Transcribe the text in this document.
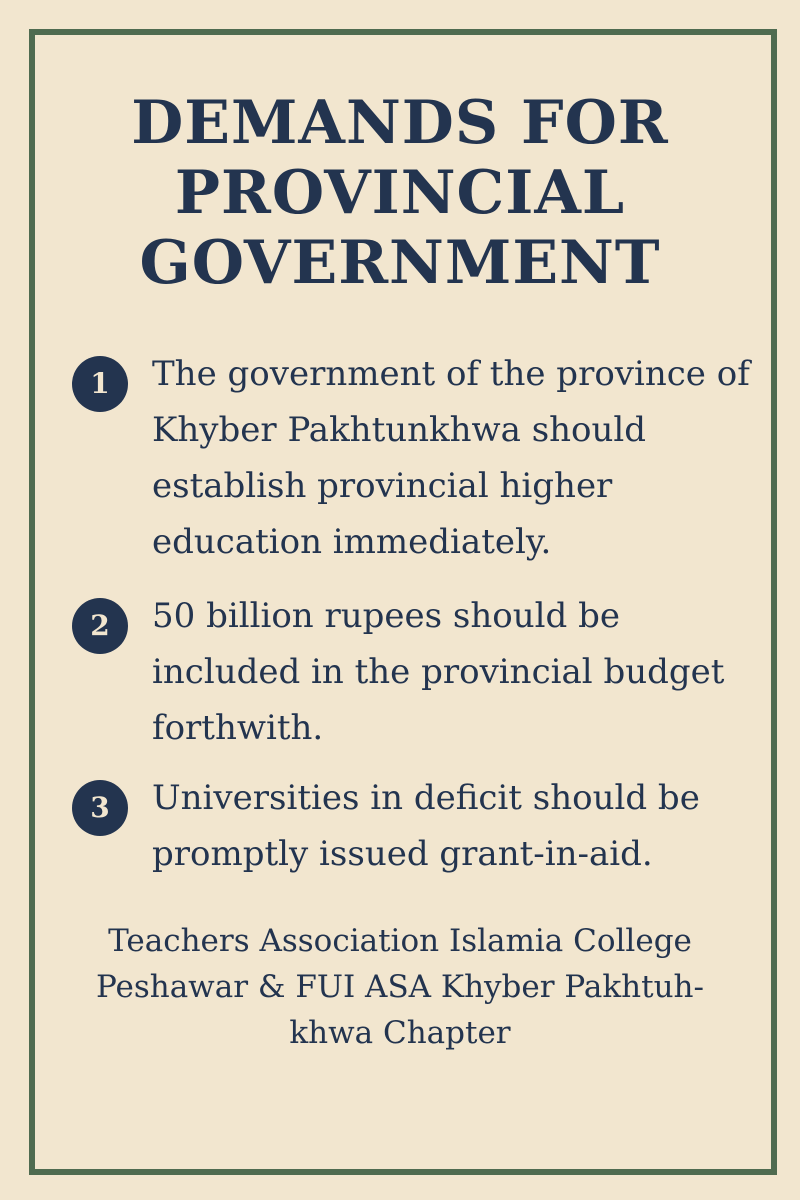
DEMANDS FOR
PROVINCIAL
GOVERNMENT
1	The government of the province of Khyber Pakhtunkhwa should establish provincial higher education immediately.
2	50 billion rupees should be included in the provincial budget forthwith.
3	Universities in deficit should be promptly issued grant-in-aid.
Teachers Association Islamia College
Peshawar & FUI ASA Khyber Pakhtuh-
khwa Chapter
